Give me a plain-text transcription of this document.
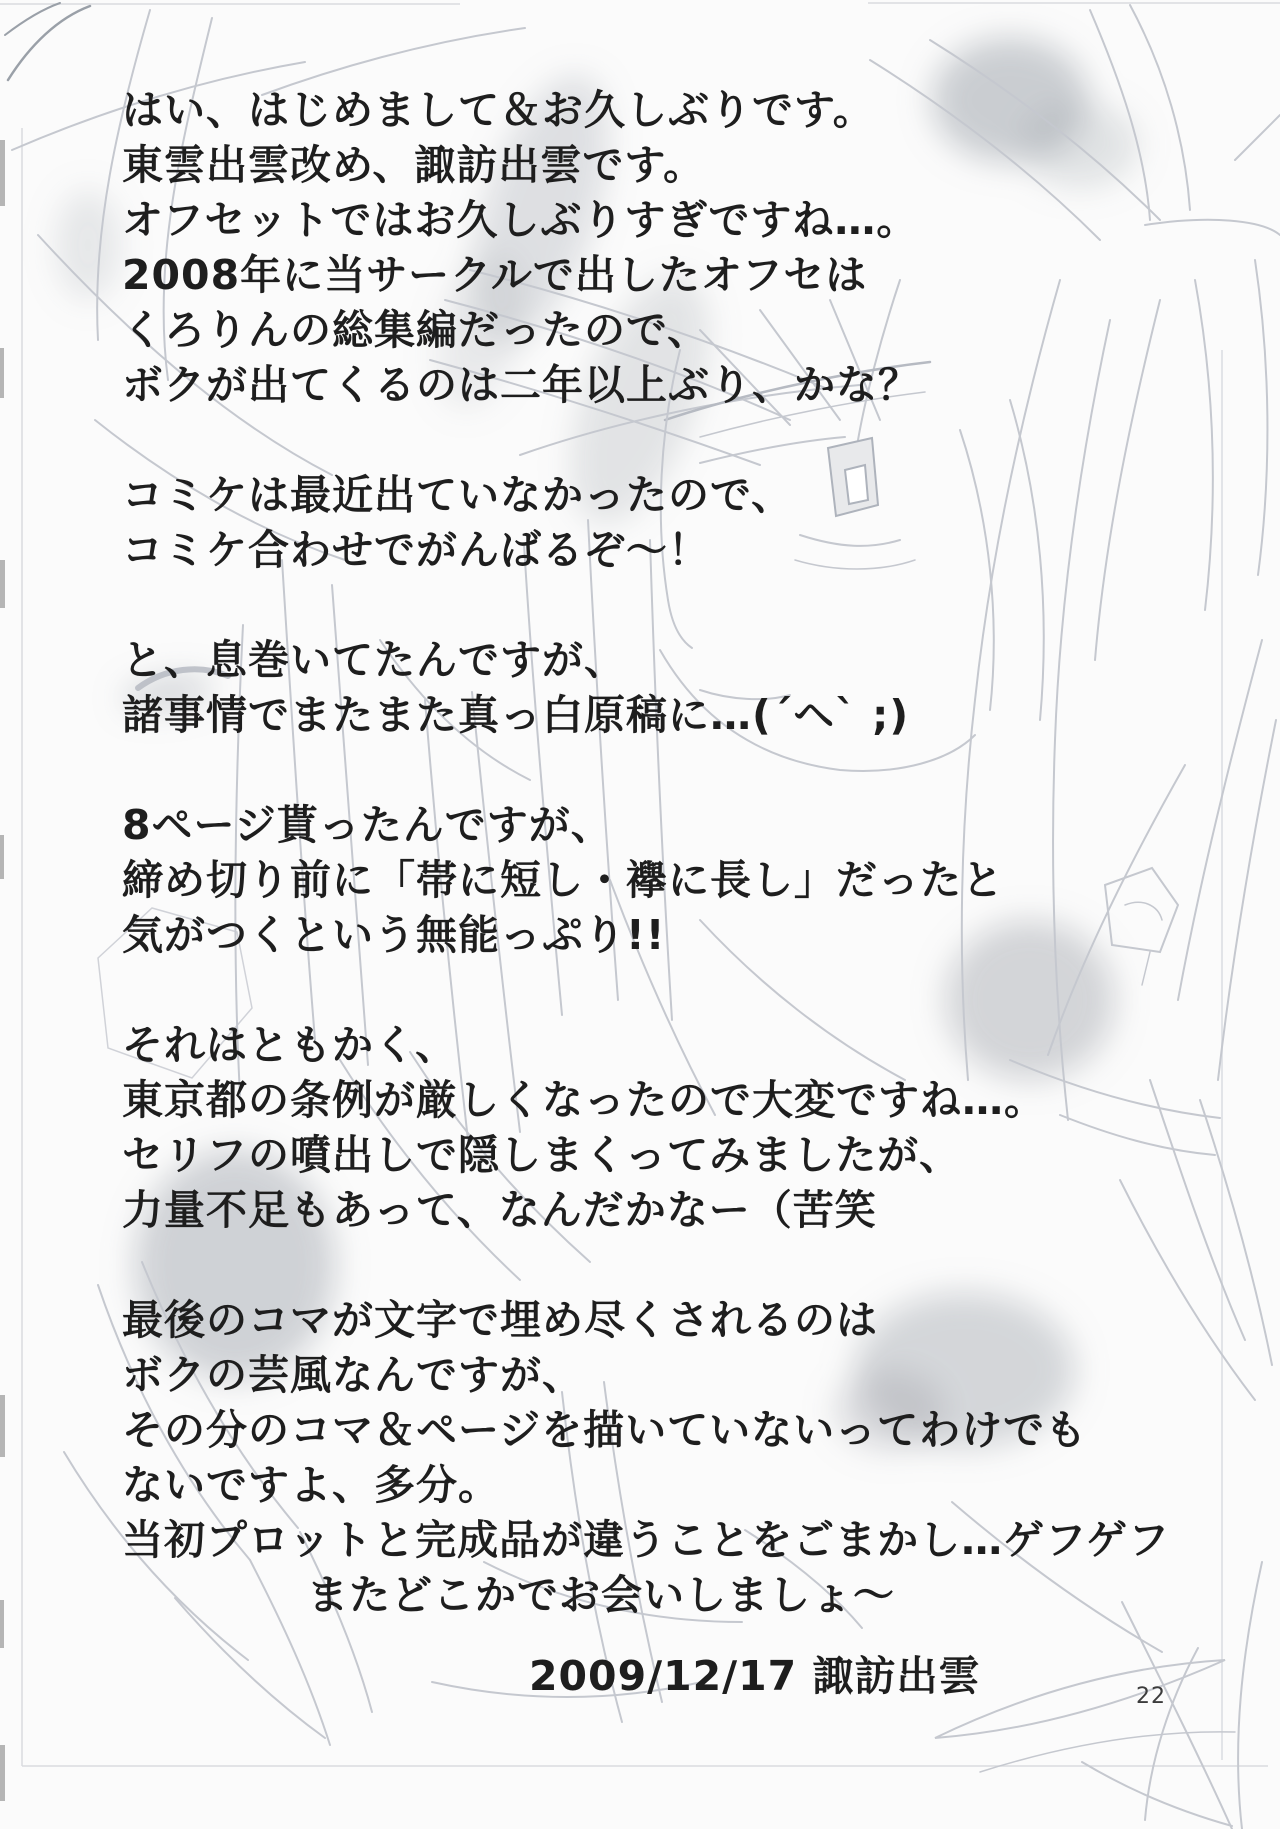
はい、はじめまして＆お久しぶりです。
東雲出雲改め、諏訪出雲です。
オフセットではお久しぶりすぎですね…。
2008年に当サークルで出したオフセは
くろりんの総集編だったので、
ボクが出てくるのは二年以上ぶり、かな？
コミケは最近出ていなかったので、
コミケ合わせでがんばるぞ～！
と、息巻いてたんですが、
諸事情でまたまた真っ白原稿に…(´ヘ` ;)
8ページ貰ったんですが、
締め切り前に「帯に短し・襷に長し」だったと
気がつくという無能っぷり!!
それはともかく、
東京都の条例が厳しくなったので大変ですね…。
セリフの噴出しで隠しまくってみましたが、
力量不足もあって、なんだかなー（苦笑
最後のコマが文字で埋め尽くされるのは
ボクの芸風なんですが、
その分のコマ＆ページを描いていないってわけでも
ないですよ、多分。
当初プロットと完成品が違うことをごまかし…ゲフゲフ
またどこかでお会いしましょ～
2009/12/17 諏訪出雲	22
